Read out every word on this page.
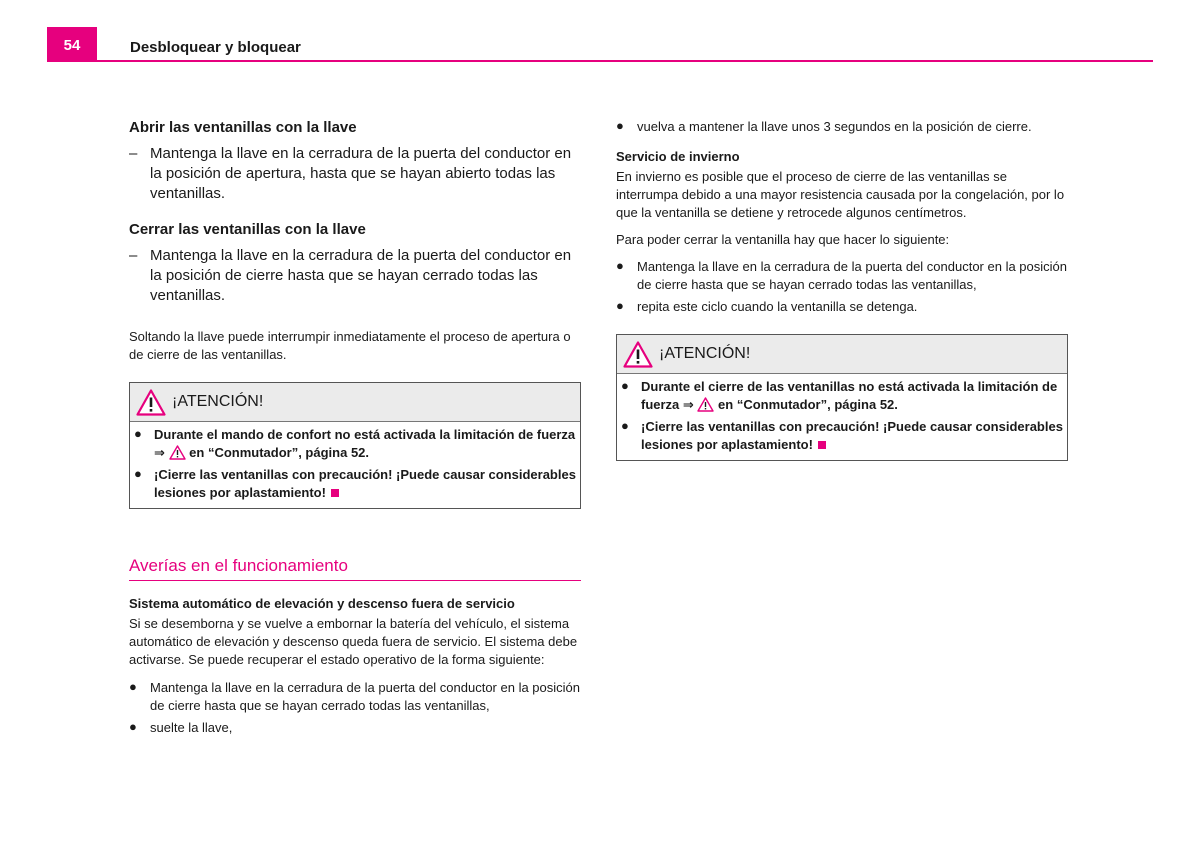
54	Desbloquear y bloquear
Abrir las ventanillas con la llave
– Mantenga la llave en la cerradura de la puerta del conductor en la posición de apertura, hasta que se hayan abierto todas las ventanillas.
Cerrar las ventanillas con la llave
– Mantenga la llave en la cerradura de la puerta del conductor en la posición de cierre hasta que se hayan cerrado todas las ventanillas.
Soltando la llave puede interrumpir inmediatamente el proceso de apertura o de cierre de las ventanillas.
¡ATENCIÓN!
● Durante el mando de confort no está activada la limitación de fuerza ⇒ en “Conmutador”, página 52.
● ¡Cierre las ventanillas con precaución! ¡Puede causar considerables lesiones por aplastamiento!
Averías en el funcionamiento
Sistema automático de elevación y descenso fuera de servicio
Si se desemborna y se vuelve a embornar la batería del vehículo, el sistema automático de elevación y descenso queda fuera de servicio. El sistema debe activarse. Se puede recuperar el estado operativo de la forma siguiente:
● Mantenga la llave en la cerradura de la puerta del conductor en la posición de cierre hasta que se hayan cerrado todas las ventanillas,
● suelte la llave,
● vuelva a mantener la llave unos 3 segundos en la posición de cierre.
Servicio de invierno
En invierno es posible que el proceso de cierre de las ventanillas se interrumpa debido a una mayor resistencia causada por la congelación, por lo que la ventanilla se detiene y retrocede algunos centímetros.
Para poder cerrar la ventanilla hay que hacer lo siguiente:
● Mantenga la llave en la cerradura de la puerta del conductor en la posición de cierre hasta que se hayan cerrado todas las ventanillas,
● repita este ciclo cuando la ventanilla se detenga.
¡ATENCIÓN!
● Durante el cierre de las ventanillas no está activada la limitación de fuerza ⇒ en “Conmutador”, página 52.
● ¡Cierre las ventanillas con precaución! ¡Puede causar considerables lesiones por aplastamiento!
